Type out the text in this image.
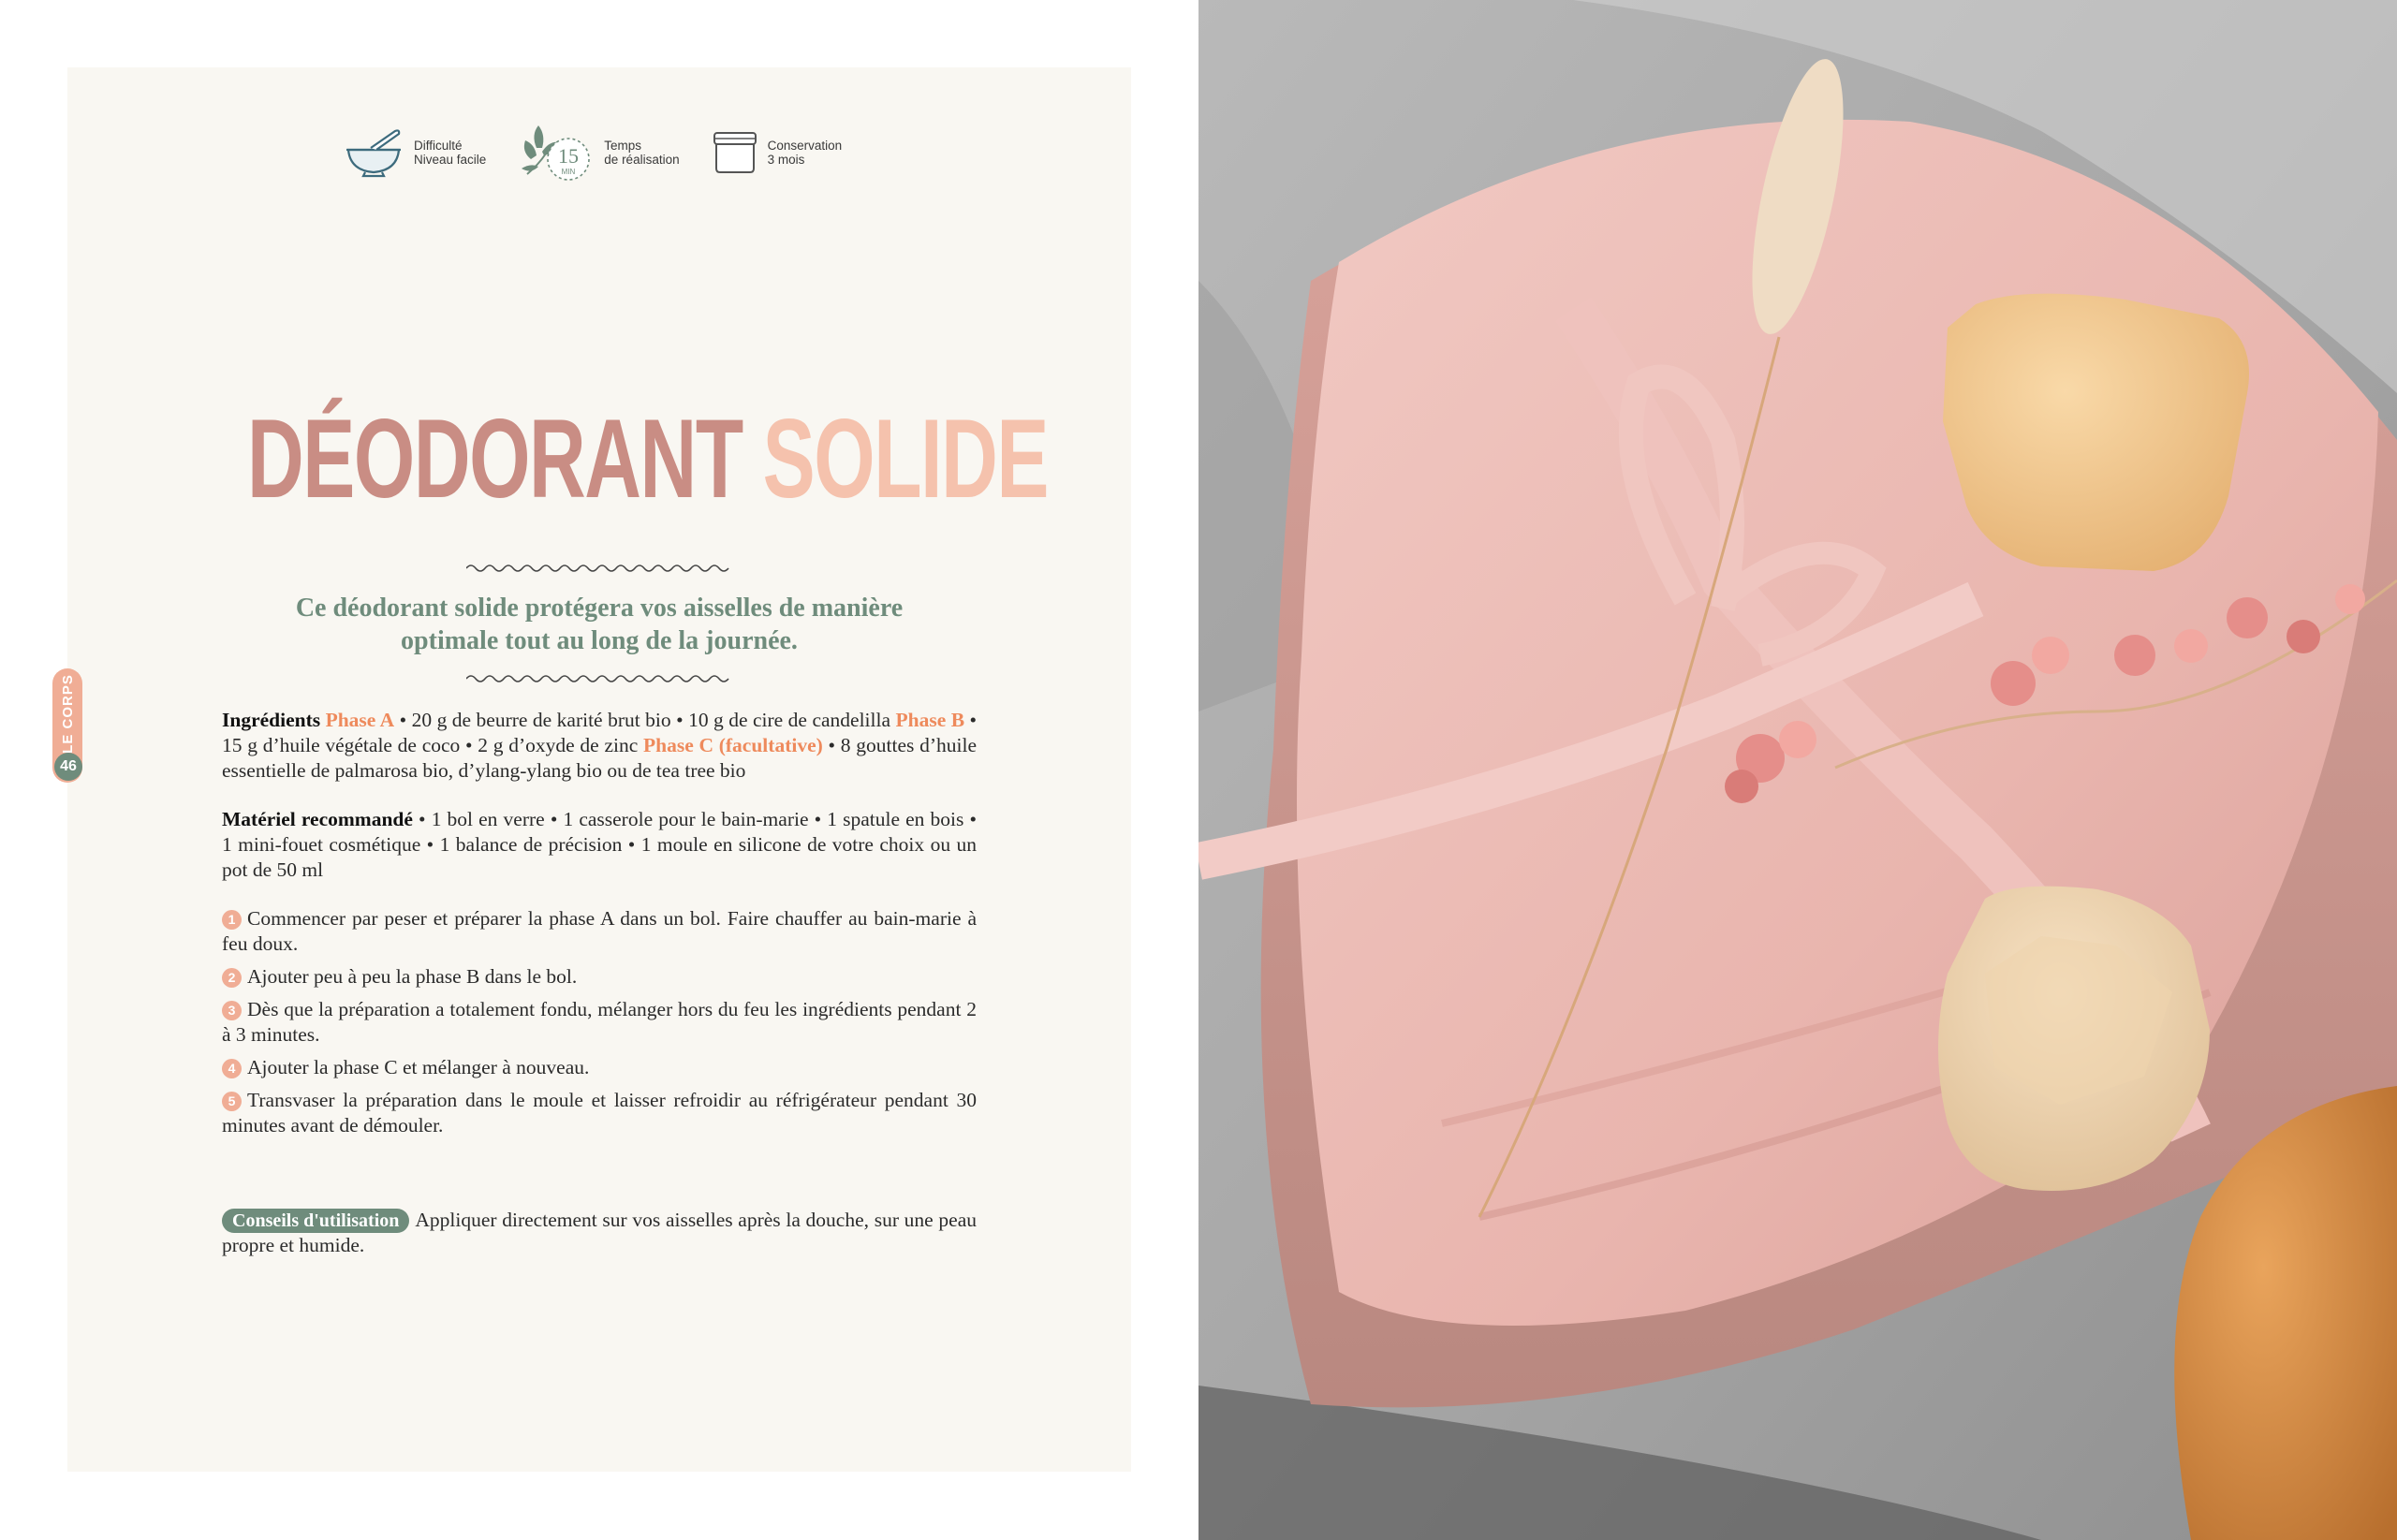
LE CORPS
46
Difficulté
Niveau facile	15
MIN
Temps
de réalisation
Conservation
3 mois
DÉODORANT SOLIDE
Ce déodorant solide protégera vos aisselles de manière
optimale tout au long de la journée.
Ingrédients Phase A • 20 g de beurre de karité brut bio • 10 g de cire de candelilla Phase B • 15 g d’huile végétale de coco • 2 g d’oxyde de zinc Phase C (facultative) • 8 gouttes d’huile essentielle de palmarosa bio, d’ylang-ylang bio ou de tea tree bio
Matériel recommandé • 1 bol en verre • 1 casserole pour le bain-marie • 1 spatule en bois • 1 mini-fouet cosmétique • 1 balance de précision • 1 moule en silicone de votre choix ou un pot de 50 ml
1 Commencer par peser et préparer la phase A dans un bol. Faire chauffer au bain-marie à feu doux.
2 Ajouter peu à peu la phase B dans le bol.
3 Dès que la préparation a totalement fondu, mélanger hors du feu les ingrédients pendant 2 à 3 minutes.
4 Ajouter la phase C et mélanger à nouveau.
5 Transvaser la préparation dans le moule et laisser refroidir au réfrigérateur pendant 30 minutes avant de démouler.
Conseils d'utilisation Appliquer directement sur vos aisselles après la douche, sur une peau propre et humide.
